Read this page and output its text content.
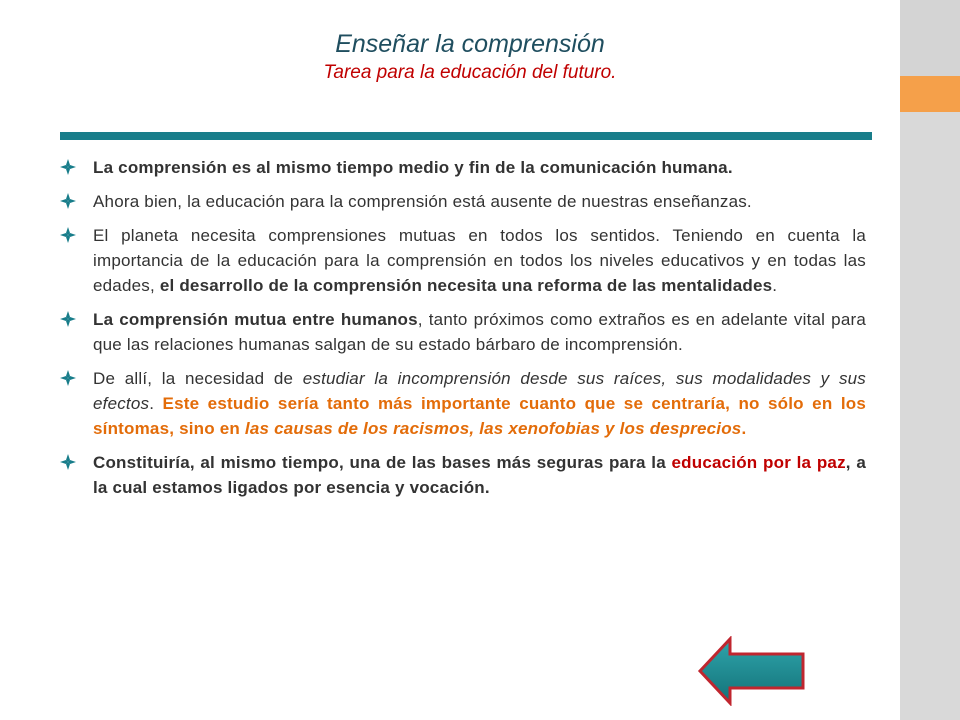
Enseñar la comprensión
Tarea para la educación del futuro.
La comprensión es al mismo tiempo medio y fin de la comunicación humana.
Ahora bien, la educación para la comprensión está ausente de nuestras enseñanzas.
El planeta necesita comprensiones mutuas en todos los sentidos. Teniendo en cuenta la importancia de la educación para la comprensión en todos los niveles educativos y en todas las edades, el desarrollo de la comprensión necesita una reforma de las mentalidades.
La comprensión mutua entre humanos, tanto próximos como extraños es en adelante vital para que las relaciones humanas salgan de su estado bárbaro de incomprensión.
De allí, la necesidad de estudiar la incomprensión desde sus raíces, sus modalidades y sus efectos. Este estudio sería tanto más importante cuanto que se centraría, no sólo en los síntomas, sino en las causas de los racismos, las xenofobias y los desprecios.
Constituiría, al mismo tiempo, una de las bases más seguras para la educación por la paz, a la cual estamos ligados por esencia y vocación.
